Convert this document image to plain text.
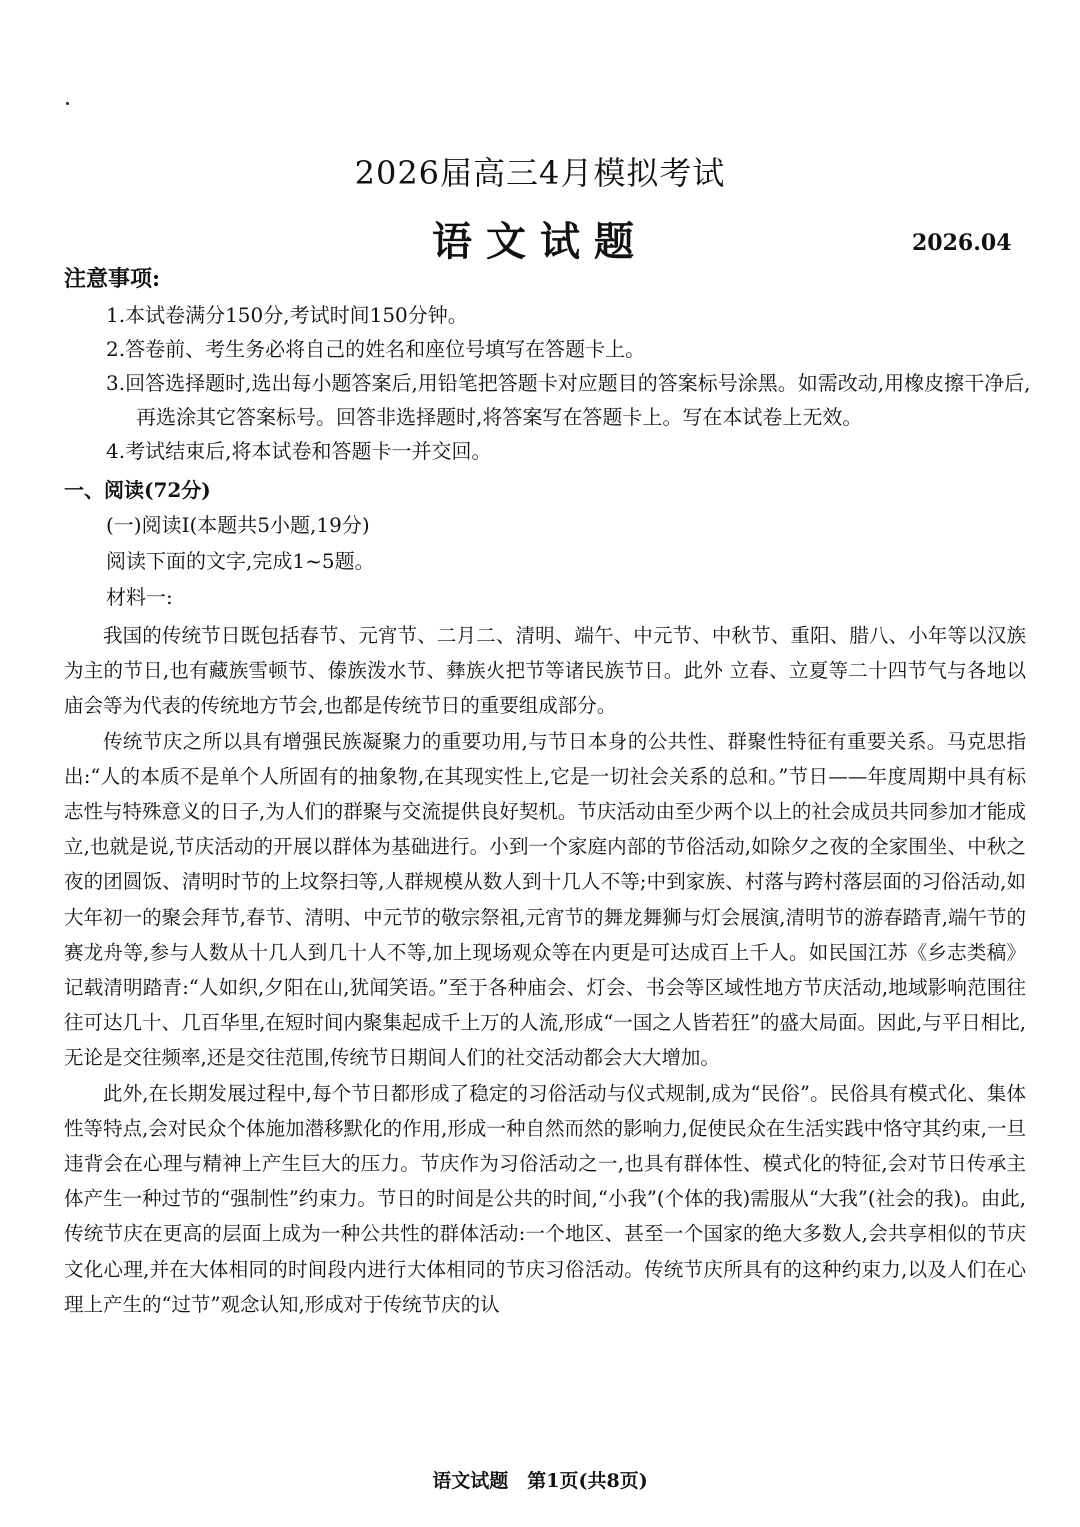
2026届高三4月模拟考试
语文试题	2026.04
注意事项:
1.本试卷满分150分,考试时间150分钟。
2.答卷前、考生务必将自己的姓名和座位号填写在答题卡上。
3.回答选择题时,选出每小题答案后,用铅笔把答题卡对应题目的答案标号涂黑。如需改动,用橡皮擦干净后,再选涂其它答案标号。回答非选择题时,将答案写在答题卡上。写在本试卷上无效。
4.考试结束后,将本试卷和答题卡一并交回。
一、阅读(72分)
(一)阅读Ⅰ(本题共5小题,19分)
阅读下面的文字,完成1~5题。
材料一:

我国的传统节日既包括春节、元宵节、二月二、清明、端午、中元节、中秋节、重阳、腊八、小年等以汉族为主的节日,也有藏族雪顿节、傣族泼水节、彝族火把节等诸民族节日。此外 立春、立夏等二十四节气与各地以庙会等为代表的传统地方节会,也都是传统节日的重要组成部分。

传统节庆之所以具有增强民族凝聚力的重要功用,与节日本身的公共性、群聚性特征有重要关系。马克思指出:“人的本质不是单个人所固有的抽象物,在其现实性上,它是一切社会关系的总和。”节日——年度周期中具有标志性与特殊意义的日子,为人们的群聚与交流提供良好契机。节庆活动由至少两个以上的社会成员共同参加才能成立,也就是说,节庆活动的开展以群体为基础进行。小到一个家庭内部的节俗活动,如除夕之夜的全家围坐、中秋之夜的团圆饭、清明时节的上坟祭扫等,人群规模从数人到十几人不等;中到家族、村落与跨村落层面的习俗活动,如大年初一的聚会拜节,春节、清明、中元节的敬宗祭祖,元宵节的舞龙舞狮与灯会展演,清明节的游春踏青,端午节的赛龙舟等,参与人数从十几人到几十人不等,加上现场观众等在内更是可达成百上千人。如民国江苏《乡志类稿》记载清明踏青:“人如织,夕阳在山,犹闻笑语。”至于各种庙会、灯会、书会等区域性地方节庆活动,地域影响范围往往可达几十、几百华里,在短时间内聚集起成千上万的人流,形成“一国之人皆若狂”的盛大局面。因此,与平日相比,无论是交往频率,还是交往范围,传统节日期间人们的社交活动都会大大增加。

此外,在长期发展过程中,每个节日都形成了稳定的习俗活动与仪式规制,成为“民俗”。民俗具有模式化、集体性等特点,会对民众个体施加潜移默化的作用,形成一种自然而然的影响力,促使民众在生活实践中恪守其约束,一旦违背会在心理与精神上产生巨大的压力。节庆作为习俗活动之一,也具有群体性、模式化的特征,会对节日传承主体产生一种过节的“强制性”约束力。节日的时间是公共的时间,“小我”(个体的我)需服从“大我”(社会的我)。由此,传统节庆在更高的层面上成为一种公共性的群体活动:一个地区、甚至一个国家的绝大多数人,会共享相似的节庆文化心理,并在大体相同的时间段内进行大体相同的节庆习俗活动。传统节庆所具有的这种约束力,以及人们在心理上产生的“过节”观念认知,形成对于传统节庆的认

语文试题　第1页(共8页)
